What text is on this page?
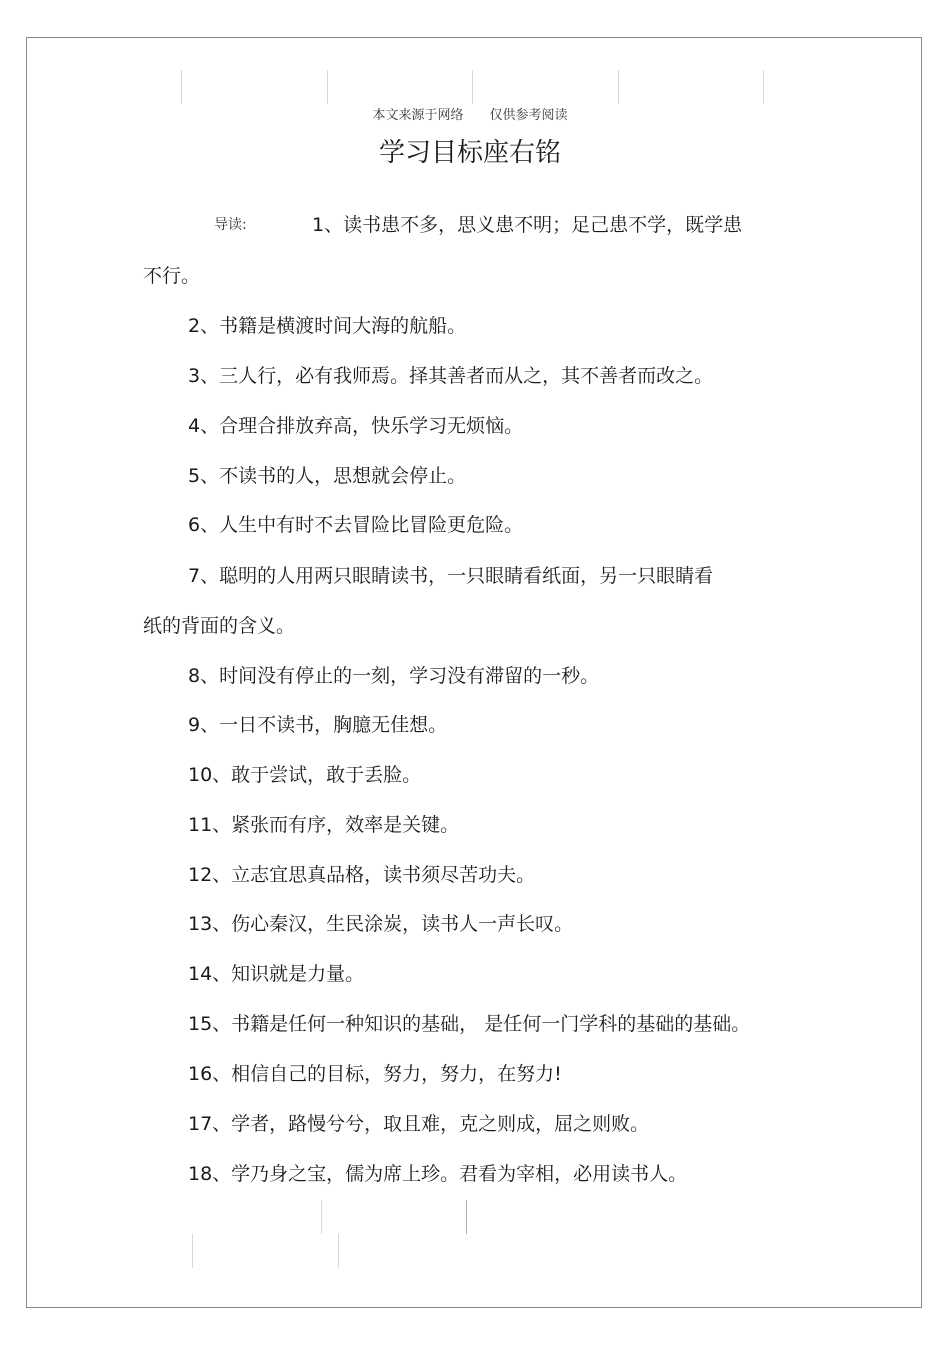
本文来源于网络 仅供参考阅读
学习目标座右铭
导读:	1、读书患不多，思义患不明；足己患不学，既学患
不行。
2、书籍是横渡时间大海的航船。
3、三人行，必有我师焉。择其善者而从之，其不善者而改之。
4、合理合排放弃高，快乐学习无烦恼。
5、不读书的人，思想就会停止。
6、人生中有时不去冒险比冒险更危险。
7、聪明的人用两只眼睛读书，一只眼睛看纸面，另一只眼睛看
纸的背面的含义。
8、时间没有停止的一刻，学习没有滞留的一秒。
9、一日不读书，胸臆无佳想。
10、敢于尝试，敢于丢脸。
11、紧张而有序，效率是关键。
12、立志宜思真品格，读书须尽苦功夫。
13、伤心秦汉，生民涂炭，读书人一声长叹。
14、知识就是力量。
15、书籍是任何一种知识的基础， 是任何一门学科的基础的基础。
16、相信自己的目标，努力，努力，在努力!
17、学者，路慢兮兮，取且难，克之则成，屈之则败。
18、学乃身之宝，儒为席上珍。君看为宰相，必用读书人。
